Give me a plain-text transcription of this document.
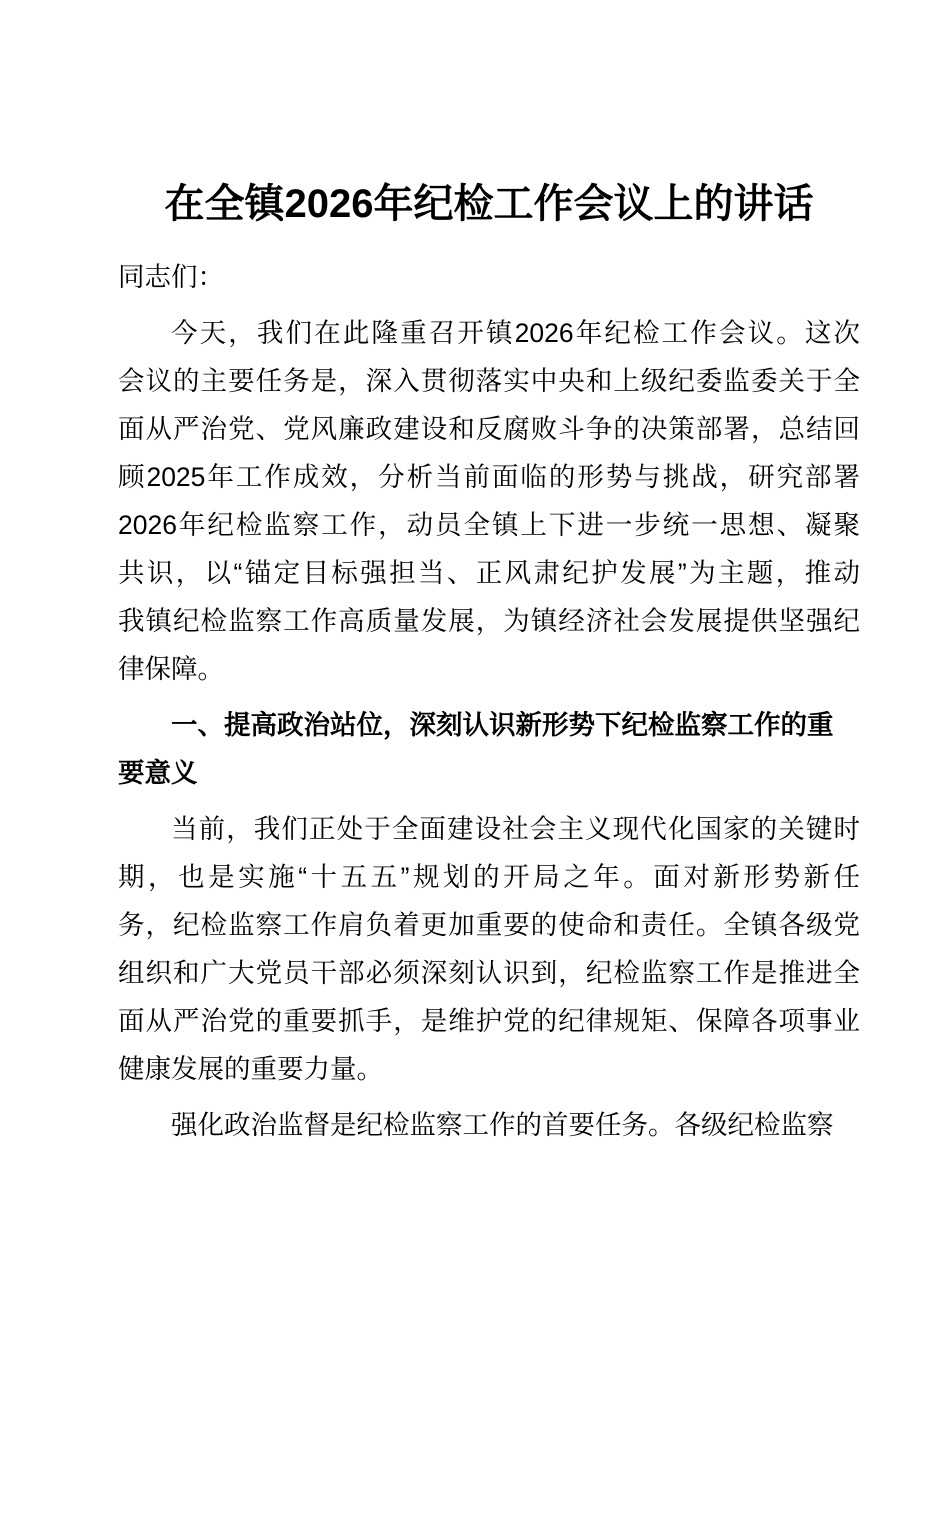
在全镇2026年纪检工作会议上的讲话
同志们：
今天，我们在此隆重召开镇2026年纪检工作会议。这次
会议的主要任务是，深入贯彻落实中央和上级纪委监委关于全
面从严治党、党风廉政建设和反腐败斗争的决策部署，总结回
顾2025年工作成效，分析当前面临的形势与挑战，研究部署
2026年纪检监察工作，动员全镇上下进一步统一思想、凝聚
共识，以“锚定目标强担当、正风肃纪护发展”为主题，推动
我镇纪检监察工作高质量发展，为镇经济社会发展提供坚强纪
律保障。
一、提高政治站位，深刻认识新形势下纪检监察工作的重
要意义
当前，我们正处于全面建设社会主义现代化国家的关键时
期，也是实施“十五五”规划的开局之年。面对新形势新任
务，纪检监察工作肩负着更加重要的使命和责任。全镇各级党
组织和广大党员干部必须深刻认识到，纪检监察工作是推进全
面从严治党的重要抓手，是维护党的纪律规矩、保障各项事业
健康发展的重要力量。
强化政治监督是纪检监察工作的首要任务。各级纪检监察
